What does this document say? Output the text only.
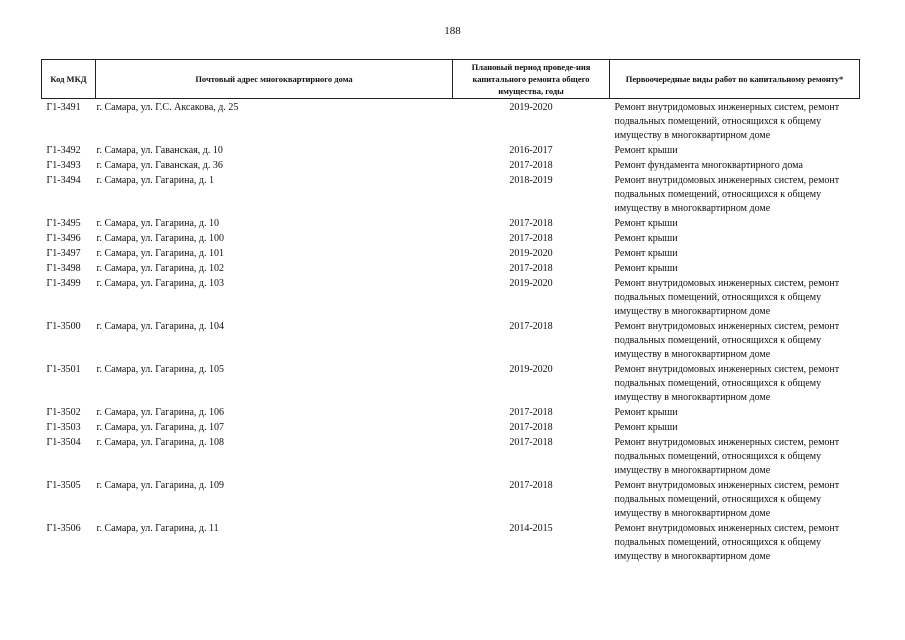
188
Код МКД	Почтовый адрес многоквартирного дома	Плановый период проведе-ния капитального ремонта общего имущества, годы	Первоочередные виды работ по капитальному ремонту*
Г1-3491	г. Самара, ул. Г.С. Аксакова, д. 25	2019-2020	Ремонт внутридомовых инженерных систем, ремонт подвальных помещений, относящихся к общему имуществу в многоквартирном доме
Г1-3492	г. Самара, ул. Гаванская, д. 10	2016-2017	Ремонт крыши
Г1-3493	г. Самара, ул. Гаванская, д. 36	2017-2018	Ремонт фундамента многоквартирного дома
Г1-3494	г. Самара, ул. Гагарина, д. 1	2018-2019	Ремонт внутридомовых инженерных систем, ремонт подвальных помещений, относящихся к общему имуществу в многоквартирном доме
Г1-3495	г. Самара, ул. Гагарина, д. 10	2017-2018	Ремонт крыши
Г1-3496	г. Самара, ул. Гагарина, д. 100	2017-2018	Ремонт крыши
Г1-3497	г. Самара, ул. Гагарина, д. 101	2019-2020	Ремонт крыши
Г1-3498	г. Самара, ул. Гагарина, д. 102	2017-2018	Ремонт крыши
Г1-3499	г. Самара, ул. Гагарина, д. 103	2019-2020	Ремонт внутридомовых инженерных систем, ремонт подвальных помещений, относящихся к общему имуществу в многоквартирном доме
Г1-3500	г. Самара, ул. Гагарина, д. 104	2017-2018	Ремонт внутридомовых инженерных систем, ремонт подвальных помещений, относящихся к общему имуществу в многоквартирном доме
Г1-3501	г. Самара, ул. Гагарина, д. 105	2019-2020	Ремонт внутридомовых инженерных систем, ремонт подвальных помещений, относящихся к общему имуществу в многоквартирном доме
Г1-3502	г. Самара, ул. Гагарина, д. 106	2017-2018	Ремонт крыши
Г1-3503	г. Самара, ул. Гагарина, д. 107	2017-2018	Ремонт крыши
Г1-3504	г. Самара, ул. Гагарина, д. 108	2017-2018	Ремонт внутридомовых инженерных систем, ремонт подвальных помещений, относящихся к общему имуществу в многоквартирном доме
Г1-3505	г. Самара, ул. Гагарина, д. 109	2017-2018	Ремонт внутридомовых инженерных систем, ремонт подвальных помещений, относящихся к общему имуществу в многоквартирном доме
Г1-3506	г. Самара, ул. Гагарина, д. 11	2014-2015	Ремонт внутридомовых инженерных систем, ремонт подвальных помещений, относящихся к общему имуществу в многоквартирном доме
